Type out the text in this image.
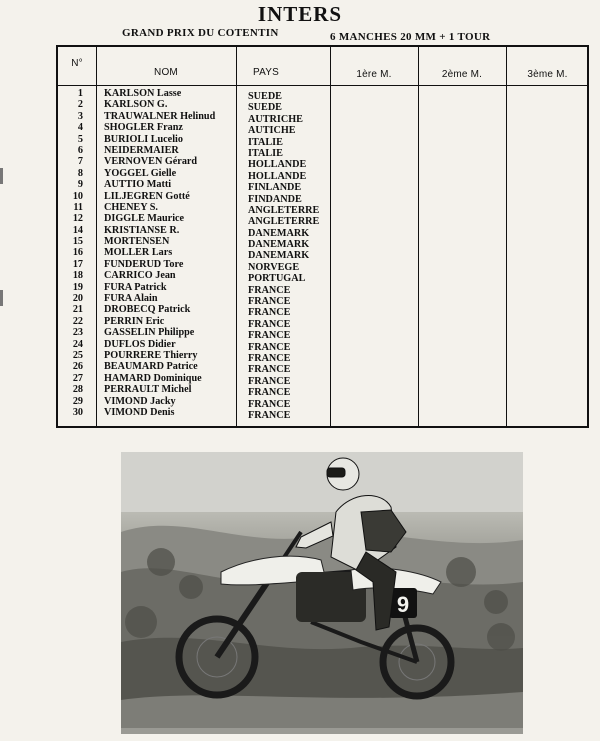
INTERS
GRAND PRIX DU COTENTIN	6 MANCHES 20 MM + 1 TOUR
N°
NOM	PAYS	1ère M.	2ème M.	3ème M.
1 KARLSON Lasse	SUEDE
2 KARLSON G.	SUEDE
3 TRAUWALNER Helinud	AUTRICHE
4 SHOGLER Franz	AUTICHE
5 BURIOLI Lucelio	ITALIE
6 NEIDERMAIER	ITALIE
7 VERNOVEN Gérard	HOLLANDE
8 YOGGEL Gielle	HOLLANDE
9 AUTTIO Matti	FINLANDE
10 LILJEGREN Gotté	FINDANDE
11 CHENEY S.	ANGLETERRE
12 DIGGLE Maurice	ANGLETERRE
14 KRISTIANSE R.	DANEMARK
15 MORTENSEN	DANEMARK
16 MOLLER Lars	DANEMARK
17 FUNDERUD Tore	NORVEGE
18 CARRICO Jean	PORTUGAL
19 FURA Patrick	FRANCE
20 FURA Alain	FRANCE
21 DROBECQ Patrick	FRANCE
22 PERRIN Eric	FRANCE
23 GASSELIN Philippe	FRANCE
24 DUFLOS Didier	FRANCE
25 POURRERE Thierry	FRANCE
26 BEAUMARD Patrice	FRANCE
27 HAMARD Dominique	FRANCE
28 PERRAULT Michel	FRANCE
29 VIMOND Jacky	FRANCE
30 VIMOND Denis	FRANCE
9
